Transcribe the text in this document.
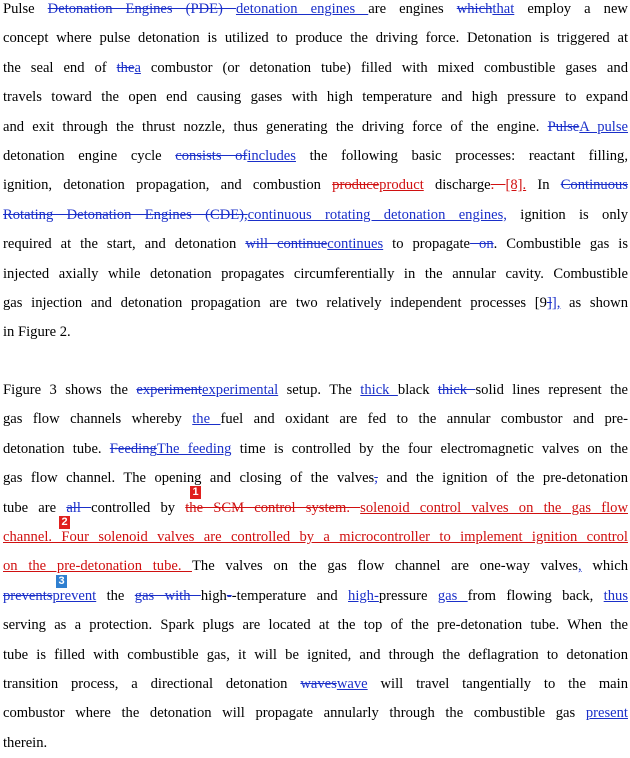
Pulse Detonation Engines (PDE) detonation engines are engines whichthat employ a new
concept where pulse detonation is utilized to produce the driving force. Detonation is triggered at
the seal end of thea combustor (or detonation tube) filled with mixed combustible gases and
travels toward the open end causing gases with high temperature and high pressure to expand
and exit through the thrust nozzle, thus generating the driving force of the engine. PulseA pulse
detonation engine cycle consists ofincludes the following basic processes: reactant filling,
ignition, detonation propagation, and combustion produceproduct discharge. [8]. In Continuous
Rotating Detonation Engines (CDE),continuous rotating detonation engines, ignition is only
required at the start, and detonation will continuecontinues to propagate on. Combustible gas is
injected axially while detonation propagates circumferentially in the annular cavity. Combustible
gas injection and detonation propagation are two relatively independent processes [9]], as shown
in Figure 2.
Figure 3 shows the experimentexperimental setup. The thick black thick solid lines represent the
gas flow channels whereby the fuel and oxidant are fed to the annular combustor and pre-
detonation tube. FeedingThe feeding time is controlled by the four electromagnetic valves on the
gas flow channel. The opening and closing of the valves, and the ignition of the pre-detonation
tube are all controlled by the SCM control system. solenoid control valves on the gas flow
channel. Four solenoid valves are controlled by a microcontroller to implement ignition control
on the pre-detonation tube. The valves on the gas flow channel are one-way valves, which
preventsprevent the gas with high--temperature and high-pressure gas from flowing back, thus
serving as a protection. Spark plugs are located at the top of the pre-detonation tube. When the
tube is filled with combustible gas, it will be ignited, and through the deflagration to detonation
transition process, a directional detonation waveswave will travel tangentially to the main
combustor where the detonation will propagate annularly through the combustible gas present
therein.
1
2
3
